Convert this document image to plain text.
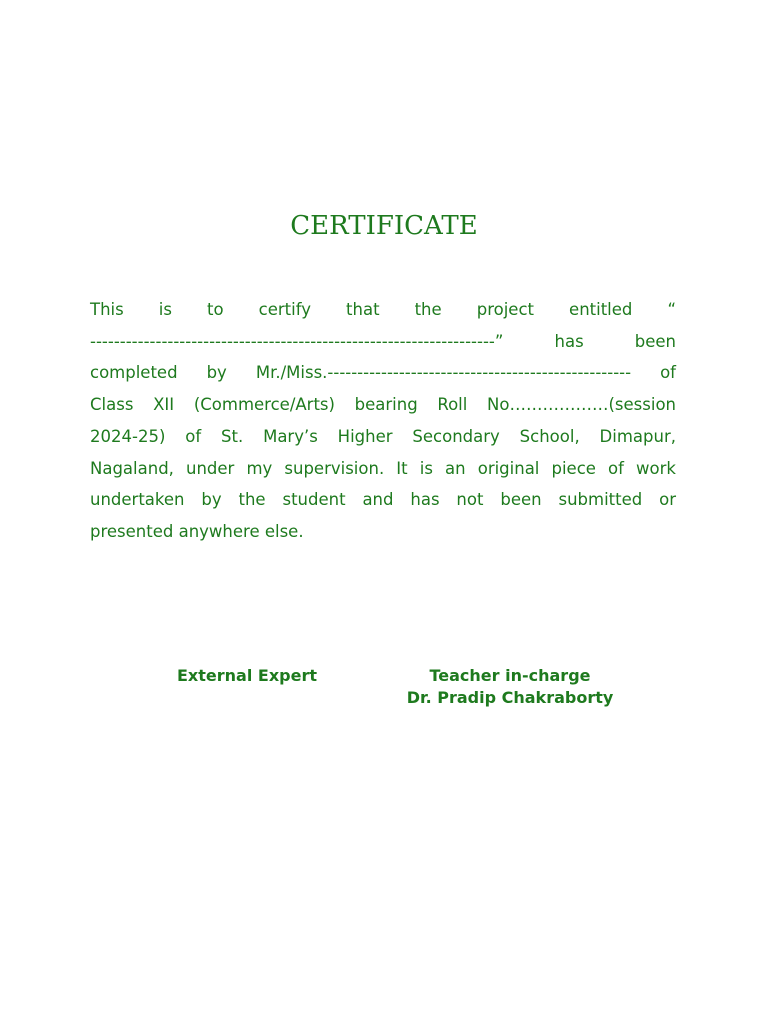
CERTIFICATE
This is to certify that the project entitled “
--------------------------------------------------------------------” has been
completed by Mr./Miss.--------------------------------------------------- of
Class XII (Commerce/Arts) bearing Roll No………………(session
2024-25) of St. Mary’s Higher Secondary School, Dimapur,
Nagaland, under my supervision. It is an original piece of work
undertaken by the student and has not been submitted or
presented anywhere else.
External Expert	Teacher in-charge
Dr. Pradip Chakraborty
